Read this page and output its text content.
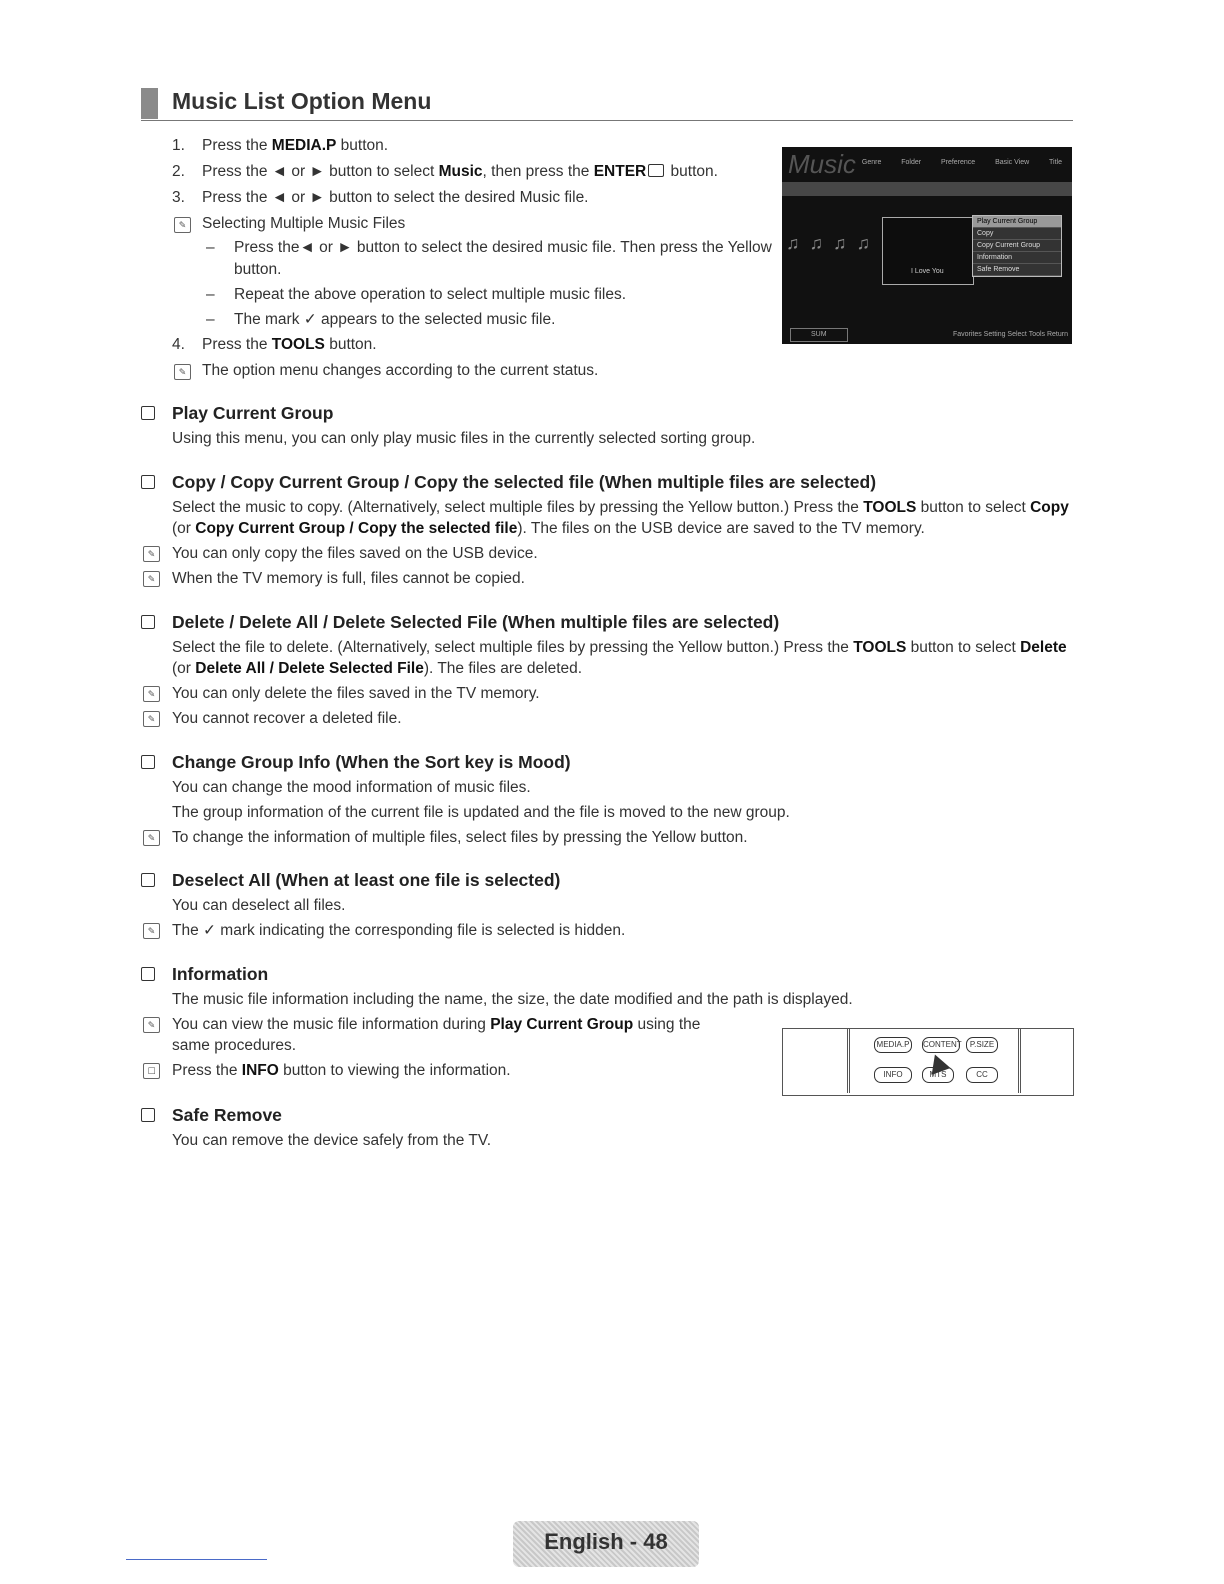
Music List Option Menu
1. Press the MEDIA.P button.
2. Press the ◄ or ► button to select Music, then press the ENTER button.
3. Press the ◄ or ► button to select the desired Music file.
✎	Selecting Multiple Music Files
– Press the◄ or ► button to select the desired music file. Then press the Yellow button.
– Repeat the above operation to select multiple music files.
– The mark ✓ appears to the selected music file.
4. Press the TOOLS button.
✎	The option menu changes according to the current status.
Music Genre	Folder	Preference	Basic View	Title
♫♫♫♫
I Love You
Play Current Group
Copy
Copy Current Group
Information
Safe Remove
SUM	Favorites Setting Select Tools Return
Play Current Group

Using this menu, you can only play music files in the currently selected sorting group.

Copy / Copy Current Group / Copy the selected file (When multiple files are selected)

Select the music to copy. (Alternatively, select multiple files by pressing the Yellow button.) Press the TOOLS button to select Copy
(or Copy Current Group / Copy the selected file). The files on the USB device are saved to the TV memory.

✎	You can only copy the files saved on the USB device.
✎	When the TV memory is full, files cannot be copied.
Delete / Delete All / Delete Selected File (When multiple files are selected)

Select the file to delete. (Alternatively, select multiple files by pressing the Yellow button.) Press the TOOLS button to select Delete
(or Delete All / Delete Selected File). The files are deleted.

✎	You can only delete the files saved in the TV memory.
✎	You cannot recover a deleted file.
Change Group Info (When the Sort key is Mood)

You can change the mood information of music files.

The group information of the current file is updated and the file is moved to the new group.

✎	To change the information of multiple files, select files by pressing the Yellow button.
Deselect All (When at least one file is selected)

You can deselect all files.

✎	The ✓ mark indicating the corresponding file is selected is hidden.
Information

The music file information including the name, the size, the date modified and the path is displayed.

✎	You can view the music file information during Play Current Group using the same procedures.
☐ Press the INFO button to viewing the information.
MEDIA.P	CONTENT	P.SIZE
INFO	MTS	CC
Safe Remove

You can remove the device safely from the TV.

English - 48
